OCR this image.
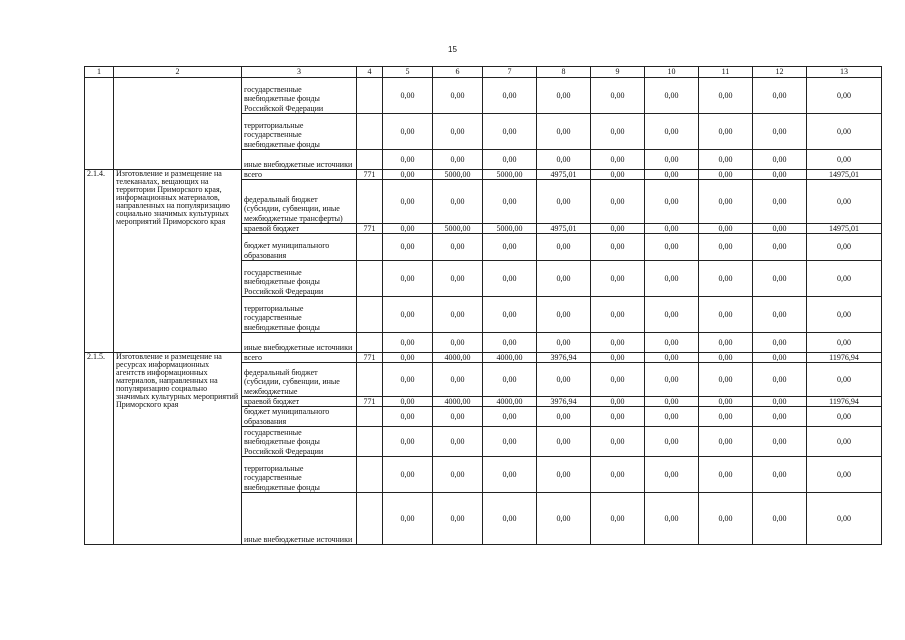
15
1	2	3	4	5	6	7	8	9	10	11	12	13
		государственные внебюджетные фонды Российской Федерации		0,00	0,00	0,00	0,00	0,00	0,00	0,00	0,00	0,00
		территориальные государственные внебюджетные фонды		0,00	0,00	0,00	0,00	0,00	0,00	0,00	0,00	0,00
		иные внебюджетные источники		0,00	0,00	0,00	0,00	0,00	0,00	0,00	0,00	0,00
2.1.4.	Изготовление и размещение на телеканалах, вещающих на территории Приморского края, информационных материалов, направленных на популяризацию социально значимых культурных мероприятий Приморского края	всего	771	0,00	5000,00	5000,00	4975,01	0,00	0,00	0,00	0,00	14975,01
		федеральный бюджет (субсидии, субвенции, иные межбюджетные трансферты)		0,00	0,00	0,00	0,00	0,00	0,00	0,00	0,00	0,00
		краевой бюджет	771	0,00	5000,00	5000,00	4975,01	0,00	0,00	0,00	0,00	14975,01
		бюджет муниципального образования		0,00	0,00	0,00	0,00	0,00	0,00	0,00	0,00	0,00
		государственные внебюджетные фонды Российской Федерации		0,00	0,00	0,00	0,00	0,00	0,00	0,00	0,00	0,00
		территориальные государственные внебюджетные фонды		0,00	0,00	0,00	0,00	0,00	0,00	0,00	0,00	0,00
		иные внебюджетные источники		0,00	0,00	0,00	0,00	0,00	0,00	0,00	0,00	0,00
2.1.5.	Изготовление и размещение на ресурсах информационных агентств информационных материалов, направленных на популяризацию социально значимых культурных мероприятий Приморского края	всего	771	0,00	4000,00	4000,00	3976,94	0,00	0,00	0,00	0,00	11976,94
		федеральный бюджет (субсидии, субвенции, иные межбюджетные		0,00	0,00	0,00	0,00	0,00	0,00	0,00	0,00	0,00
		краевой бюджет	771	0,00	4000,00	4000,00	3976,94	0,00	0,00	0,00	0,00	11976,94
		бюджет муниципального образования		0,00	0,00	0,00	0,00	0,00	0,00	0,00	0,00	0,00
		государственные внебюджетные фонды Российской Федерации		0,00	0,00	0,00	0,00	0,00	0,00	0,00	0,00	0,00
		территориальные государственные внебюджетные фонды		0,00	0,00	0,00	0,00	0,00	0,00	0,00	0,00	0,00
		иные внебюджетные источники		0,00	0,00	0,00	0,00	0,00	0,00	0,00	0,00	0,00
